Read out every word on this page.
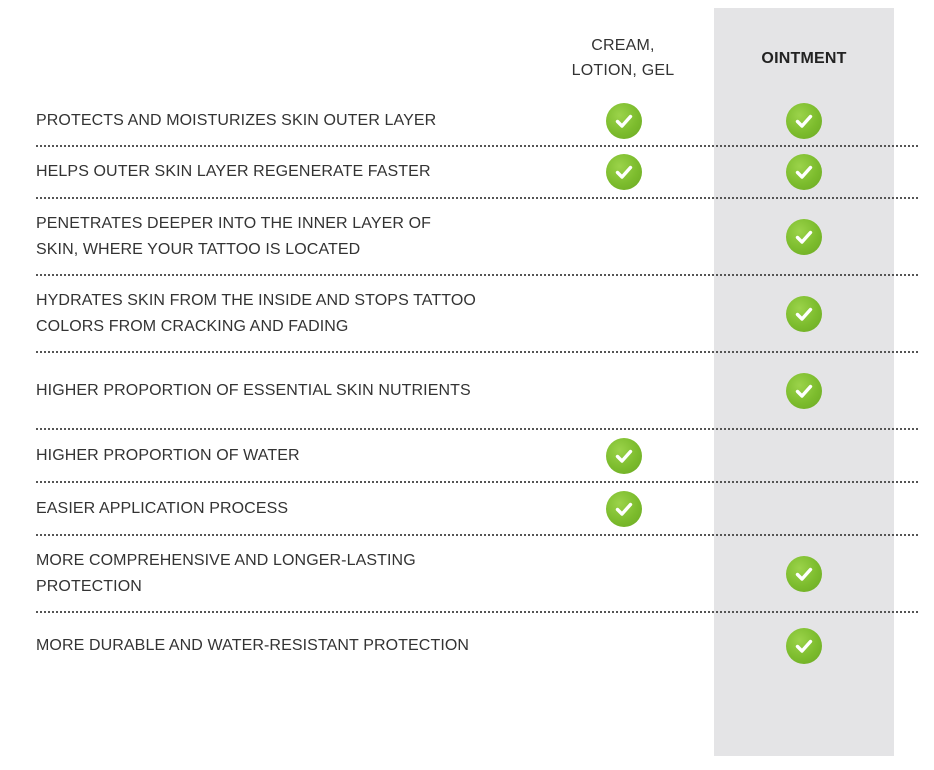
CREAM,
LOTION, GEL
OINTMENT
PROTECTS AND MOISTURIZES SKIN OUTER LAYER
HELPS OUTER SKIN LAYER REGENERATE FASTER
PENETRATES DEEPER INTO THE INNER LAYER OF SKIN, WHERE YOUR TATTOO IS LOCATED
HYDRATES SKIN FROM THE INSIDE AND STOPS TATTOO COLORS FROM CRACKING AND FADING
HIGHER PROPORTION OF ESSENTIAL SKIN NUTRIENTS
HIGHER PROPORTION OF WATER
EASIER APPLICATION PROCESS
MORE COMPREHENSIVE AND LONGER-LASTING PROTECTION
MORE DURABLE AND WATER-RESISTANT PROTECTION
